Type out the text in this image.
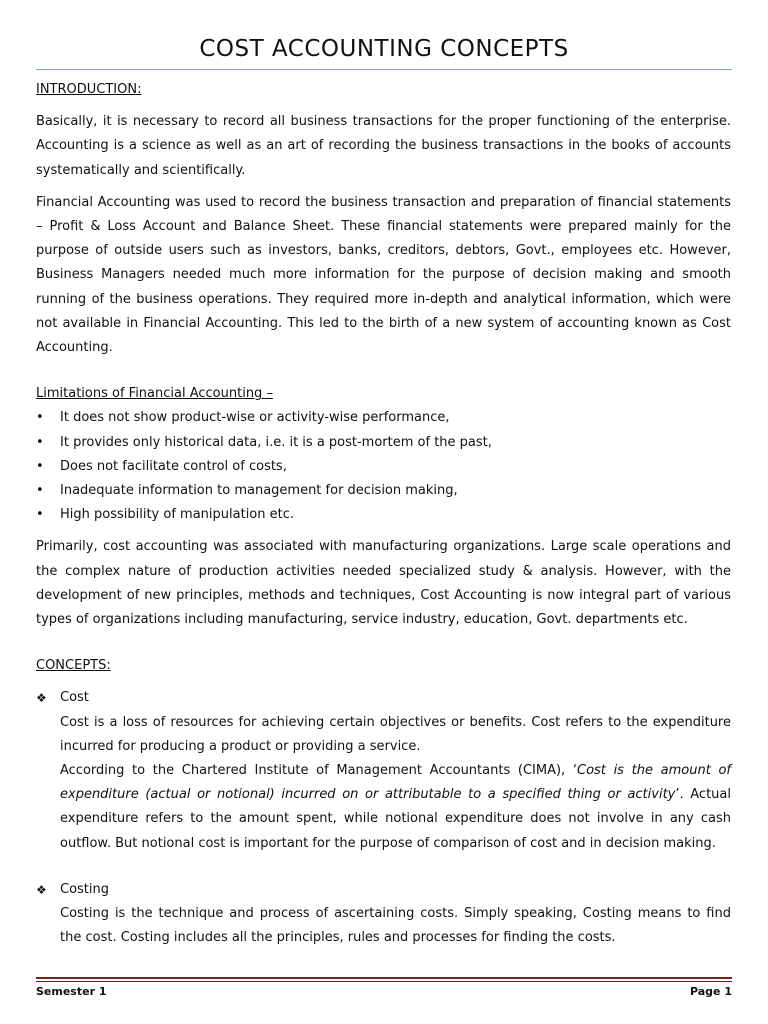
COST ACCOUNTING CONCEPTS

INTRODUCTION:

Basically, it is necessary to record all business transactions for the proper functioning of the enterprise. Accounting is a science as well as an art of recording the business transactions in the books of accounts systematically and scientifically.

Financial Accounting was used to record the business transaction and preparation of financial statements – Profit & Loss Account and Balance Sheet. These financial statements were prepared mainly for the purpose of outside users such as investors, banks, creditors, debtors, Govt., employees etc. However, Business Managers needed much more information for the purpose of decision making and smooth running of the business operations. They required more in-depth and analytical information, which were not available in Financial Accounting. This led to the birth of a new system of accounting known as Cost Accounting.

Limitations of Financial Accounting –

• It does not show product-wise or activity-wise performance,
• It provides only historical data, i.e. it is a post-mortem of the past,
• Does not facilitate control of costs,
• Inadequate information to management for decision making,
• High possibility of manipulation etc.

Primarily, cost accounting was associated with manufacturing organizations. Large scale operations and the complex nature of production activities needed specialized study & analysis. However, with the development of new principles, methods and techniques, Cost Accounting is now integral part of various types of organizations including manufacturing, service industry, education, Govt. departments etc.

CONCEPTS:

❖ Cost

Cost is a loss of resources for achieving certain objectives or benefits. Cost refers to the expenditure incurred for producing a product or providing a service.

According to the Chartered Institute of Management Accountants (CIMA), ‘Cost is the amount of expenditure (actual or notional) incurred on or attributable to a specified thing or activity’. Actual expenditure refers to the amount spent, while notional expenditure does not involve in any cash outflow. But notional cost is important for the purpose of comparison of cost and in decision making.

❖ Costing

Costing is the technique and process of ascertaining costs. Simply speaking, Costing means to find the cost. Costing includes all the principles, rules and processes for finding the costs.

Semester 1	Page 1
